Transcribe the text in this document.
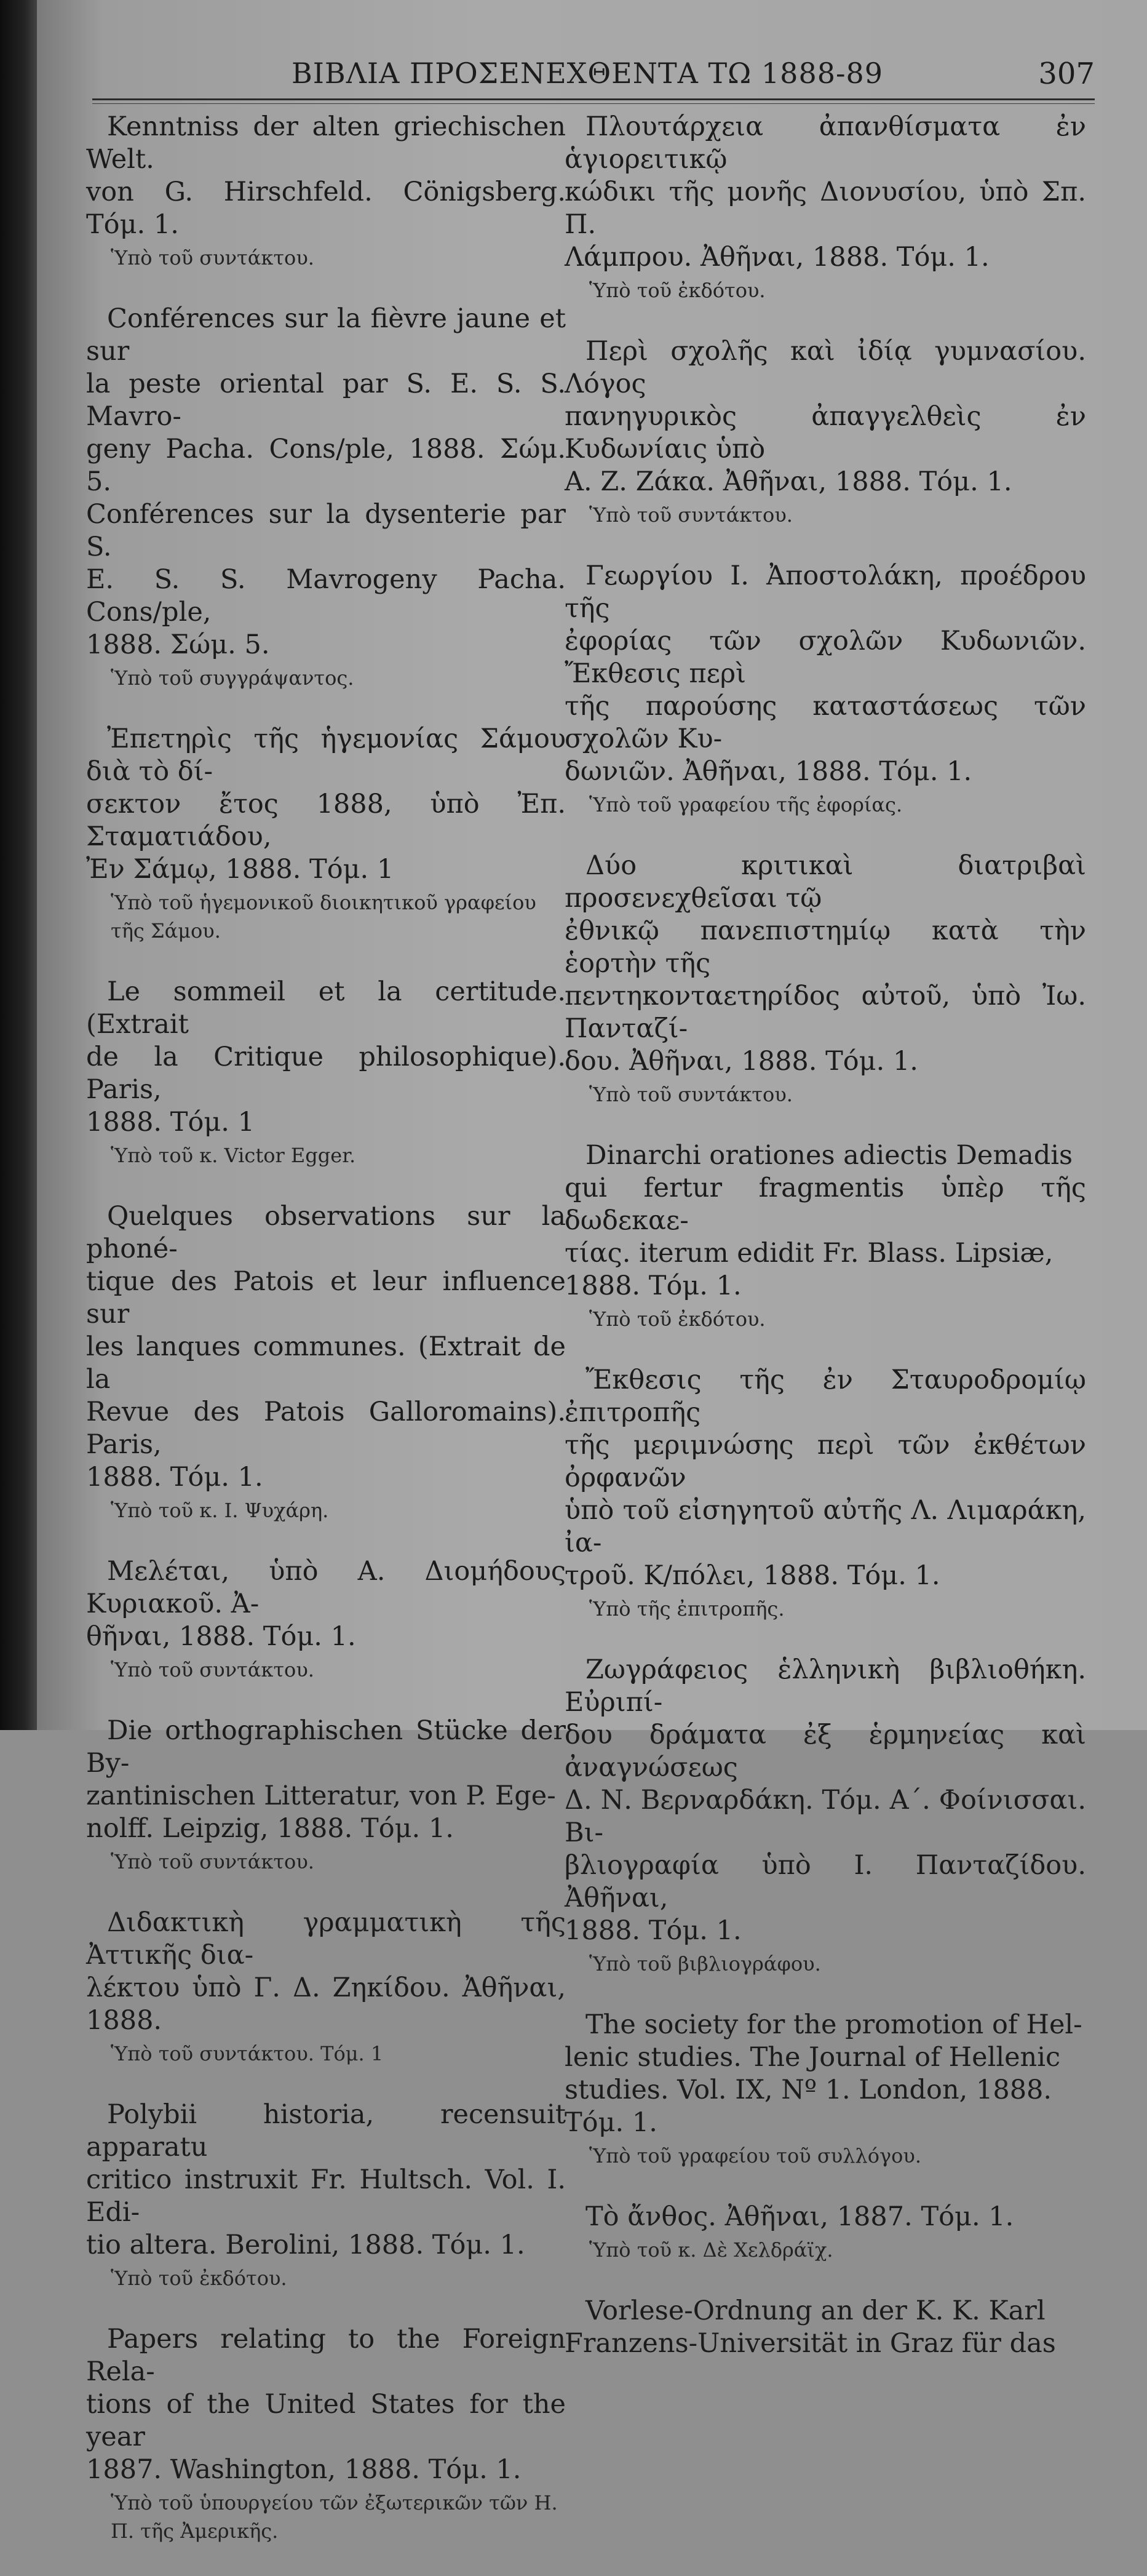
ΒΙΒΛΙΑ ΠΡΟΣΕΝΕΧΘΕΝΤΑ ΤΩ 1888-89	307

Kenntniss der alten griechischen Welt.
von G. Hirschfeld. Cönigsberg. Τόμ. 1.

Ὑπὸ τοῦ συντάκτου.

Conférences sur la fièvre jaune et sur
la peste oriental par S. E. S. S. Mavro-
geny Pacha. Cons/ple, 1888. Σώμ. 5.
Conférences sur la dysenterie par S.
E. S. S. Mavrogeny Pacha. Cons/ple,
1888. Σώμ. 5.

Ὑπὸ τοῦ συγγράψαντος.

Ἐπετηρὶς τῆς ἡγεμονίας Σάμου διὰ τὸ δί-
σεκτον ἔτος 1888, ὑπὸ Ἐπ. Σταματιάδου,
Ἐν Σάμῳ, 1888. Τόμ. 1

Ὑπὸ τοῦ ἡγεμονικοῦ διοικητικοῦ γραφείου τῆς Σάμου.

Le sommeil et la certitude. (Extrait
de la Critique philosophique). Paris,
1888. Τόμ. 1

Ὑπὸ τοῦ κ. Victor Egger.

Quelques observations sur la phoné-
tique des Patois et leur influence sur
les lanques communes. (Extrait de la
Revue des Patois Galloromains). Paris,
1888. Τόμ. 1.

Ὑπὸ τοῦ κ. Ι. Ψυχάρη.

Μελέται, ὑπὸ Α. Διομήδους Κυριακοῦ. Ἀ-
θῆναι, 1888. Τόμ. 1.

Ὑπὸ τοῦ συντάκτου.

Die orthographischen Stücke der By-
zantinischen Litteratur, von P. Ege-
nolff. Leipzig, 1888. Τόμ. 1.

Ὑπὸ τοῦ συντάκτου.

Διδακτικὴ γραμματικὴ τῆς Ἀττικῆς δια-
λέκτου ὑπὸ Γ. Δ. Ζηκίδου. Ἀθῆναι, 1888.

Ὑπὸ τοῦ συντάκτου. Τόμ. 1

Polybii historia, recensuit apparatu
critico instruxit Fr. Hultsch. Vol. I. Edi-
tio altera. Berolini, 1888. Τόμ. 1.

Ὑπὸ τοῦ ἐκδότου.

Papers relating to the Foreign Rela-
tions of the United States for the year
1887. Washington, 1888. Τόμ. 1.

Ὑπὸ τοῦ ὑπουργείου τῶν ἐξωτερικῶν τῶν Η. Π. τῆς Ἀμερικῆς.

Πλουτάρχεια ἀπανθίσματα ἐν ἁγιορειτικῷ
κώδικι τῆς μονῆς Διονυσίου, ὑπὸ Σπ. Π.
Λάμπρου. Ἀθῆναι, 1888. Τόμ. 1.

Ὑπὸ τοῦ ἐκδότου.

Περὶ σχολῆς καὶ ἰδίᾳ γυμνασίου. Λόγος
πανηγυρικὸς ἀπαγγελθεὶς ἐν Κυδωνίαις ὑπὸ
Α. Ζ. Ζάκα. Ἀθῆναι, 1888. Τόμ. 1.

Ὑπὸ τοῦ συντάκτου.

Γεωργίου Ι. Ἀποστολάκη, προέδρου τῆς
ἐφορίας τῶν σχολῶν Κυδωνιῶν. Ἔκθεσις περὶ
τῆς παρούσης καταστάσεως τῶν σχολῶν Κυ-
δωνιῶν. Ἀθῆναι, 1888. Τόμ. 1.

Ὑπὸ τοῦ γραφείου τῆς ἐφορίας.

Δύο κριτικαὶ διατριβαὶ προσενεχθεῖσαι τῷ
ἐθνικῷ πανεπιστημίῳ κατὰ τὴν ἑορτὴν τῆς
πεντηκονταετηρίδος αὐτοῦ, ὑπὸ Ἰω. Πανταζί-
δου. Ἀθῆναι, 1888. Τόμ. 1.

Ὑπὸ τοῦ συντάκτου.

Dinarchi orationes adiectis Demadis
qui fertur fragmentis ὑπὲρ τῆς δωδεκαε-
τίας. iterum edidit Fr. Blass. Lipsiæ,
1888. Τόμ. 1.

Ὑπὸ τοῦ ἐκδότου.

Ἔκθεσις τῆς ἐν Σταυροδρομίῳ ἐπιτροπῆς
τῆς μεριμνώσης περὶ τῶν ἐκθέτων ὀρφανῶν
ὑπὸ τοῦ εἰσηγητοῦ αὐτῆς Λ. Λιμαράκη, ἰα-
τροῦ. Κ/πόλει, 1888. Τόμ. 1.

Ὑπὸ τῆς ἐπιτροπῆς.

Ζωγράφειος ἑλληνικὴ βιβλιοθήκη. Εὐριπί-
δου δράματα ἐξ ἑρμηνείας καὶ ἀναγνώσεως
Δ. Ν. Βερναρδάκη. Τόμ. Α΄. Φοίνισσαι. Βι-
βλιογραφία ὑπὸ Ι. Πανταζίδου. Ἀθῆναι,
1888. Τόμ. 1.

Ὑπὸ τοῦ βιβλιογράφου.

The society for the promotion of Hel-
lenic studies. The Journal of Hellenic
studies. Vol. IX, Nº 1. London, 1888.
Τόμ. 1.

Ὑπὸ τοῦ γραφείου τοῦ συλλόγου.

Τὸ ἄνθος. Ἀθῆναι, 1887. Τόμ. 1.

Ὑπὸ τοῦ κ. Δὲ Χελδράϊχ.

Vorlese-Ordnung an der K. K. Karl
Franzens-Universität in Graz für das
